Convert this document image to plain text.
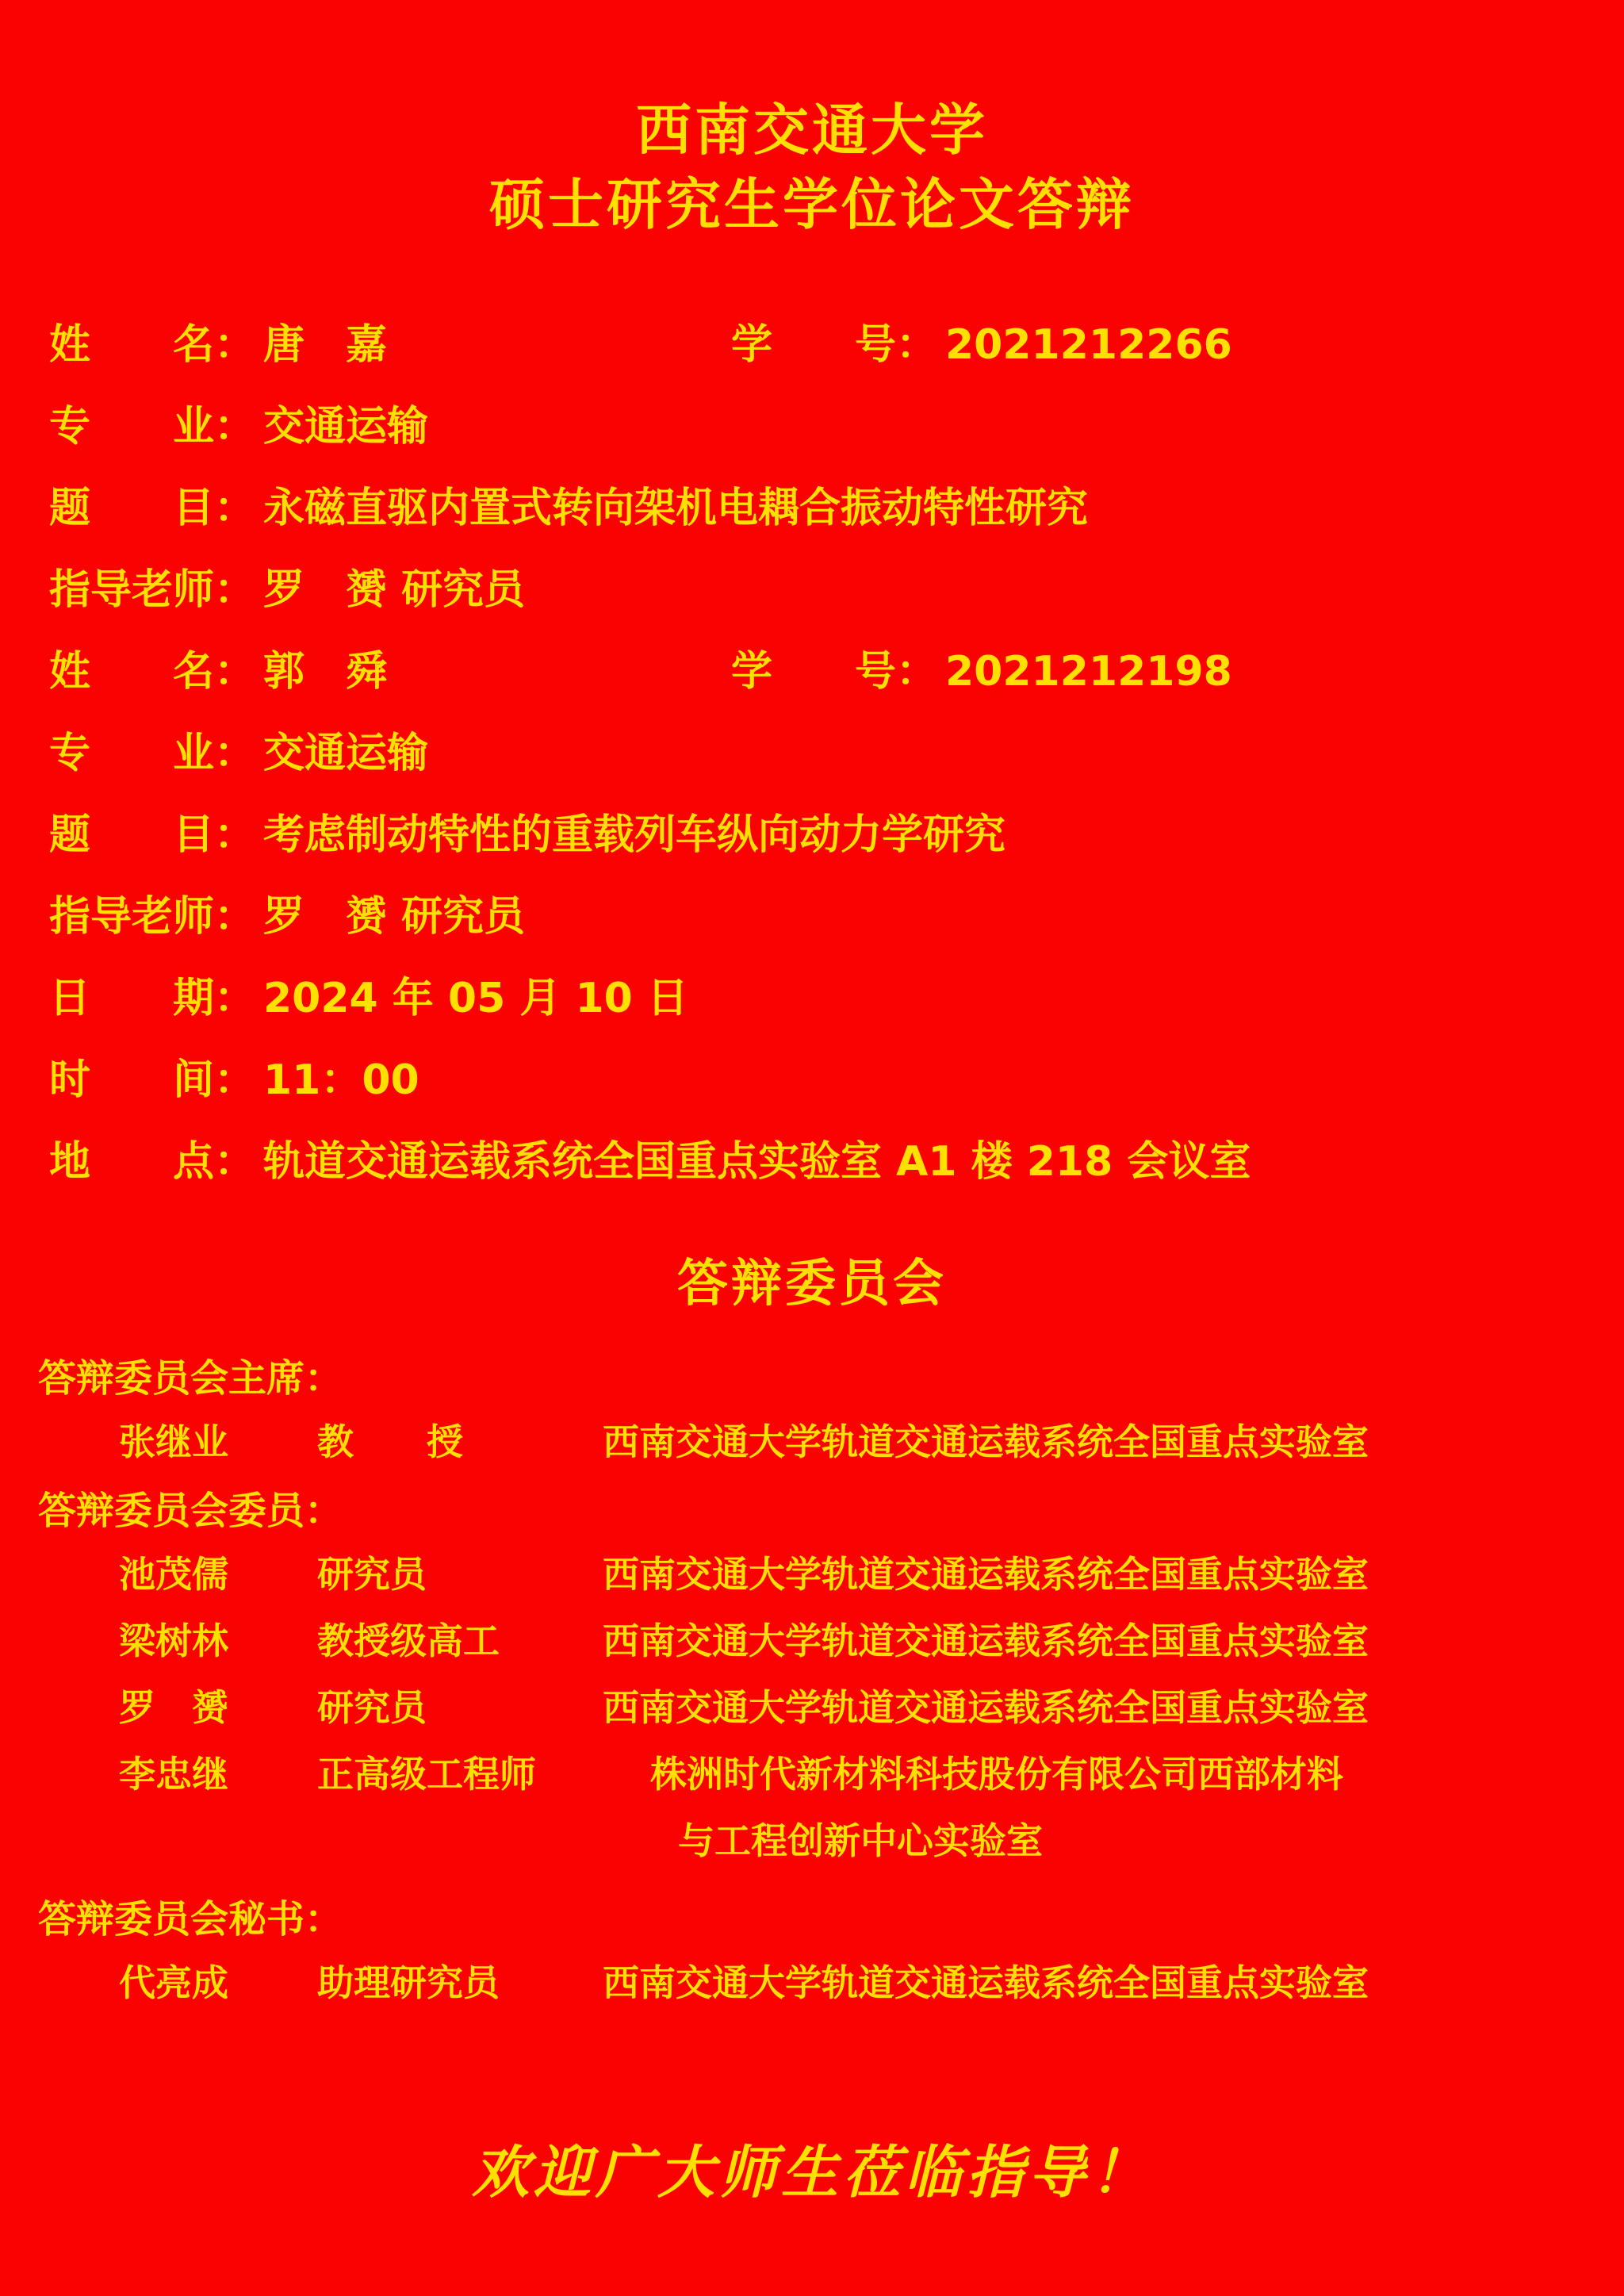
西南交通大学
硕士研究生学位论文答辩
姓　　名： 唐　嘉	学　　号： 2021212266
专　　业： 交通运输
题　　目： 永磁直驱内置式转向架机电耦合振动特性研究
指导老师： 罗　赟 研究员
姓　　名： 郭　舜	学　　号： 2021212198
专　　业： 交通运输
题　　目： 考虑制动特性的重载列车纵向动力学研究
指导老师： 罗　赟 研究员
日　　期： 2024 年 05 月 10 日
时　　间： 11：00
地　　点： 轨道交通运载系统全国重点实验室 A1 楼 218 会议室
答辩委员会
答辩委员会主席：
张继业	教　　授	西南交通大学轨道交通运载系统全国重点实验室
答辩委员会委员：
池茂儒	研究员	西南交通大学轨道交通运载系统全国重点实验室
梁树林	教授级高工	西南交通大学轨道交通运载系统全国重点实验室
罗　赟	研究员	西南交通大学轨道交通运载系统全国重点实验室
李忠继	正高级工程师	株洲时代新材料科技股份有限公司西部材料
与工程创新中心实验室
答辩委员会秘书：
代亮成	助理研究员	西南交通大学轨道交通运载系统全国重点实验室
欢迎广大师生莅临指导！
